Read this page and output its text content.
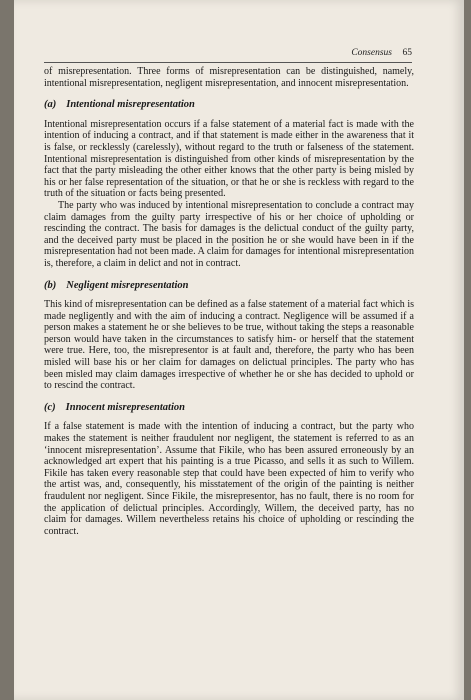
Consensus 65

of misrepresentation. Three forms of misrepresentation can be distinguished, namely, intentional misrepresentation, negligent misrepresentation, and innocent misrepresentation.

(a) Intentional misrepresentation

Intentional misrepresentation occurs if a false statement of a material fact is made with the intention of inducing a contract, and if that statement is made either in the awareness that it is false, or recklessly (carelessly), without regard to the truth or falseness of the statement. Intentional misrepresentation is distinguished from other kinds of misrepresentation by the fact that the party misleading the other either knows that the other party is being misled by his or her false representation of the situation, or that he or she is reckless with regard to the truth of the situation or facts being presented.

The party who was induced by intentional misrepresentation to conclude a contract may claim damages from the guilty party irrespective of his or her choice of upholding or rescinding the contract. The basis for damages is the delictual conduct of the guilty party, and the deceived party must be placed in the position he or she would have been in if the misrepresentation had not been made. A claim for damages for intentional misrepresentation is, therefore, a claim in delict and not in contract.

(b) Negligent misrepresentation

This kind of misrepresentation can be defined as a false statement of a material fact which is made negligently and with the aim of inducing a contract. Negligence will be assumed if a person makes a statement he or she believes to be true, without taking the steps a reasonable person would have taken in the circumstances to satisfy him- or herself that the statement were true. Here, too, the misrepresentor is at fault and, therefore, the party who has been misled will base his or her claim for damages on delictual principles. The party who has been misled may claim damages irrespective of whether he or she has decided to uphold or to rescind the contract.

(c) Innocent misrepresentation

If a false statement is made with the intention of inducing a contract, but the party who makes the statement is neither fraudulent nor negligent, the statement is referred to as an ‘innocent misrepresentation’. Assume that Fikile, who has been assured erroneously by an acknowledged art expert that his painting is a true Picasso, and sells it as such to Willem. Fikile has taken every reasonable step that could have been expected of him to verify who the artist was, and, consequently, his misstatement of the origin of the painting is neither fraudulent nor negligent. Since Fikile, the misrepresentor, has no fault, there is no room for the application of delictual principles. Accordingly, Willem, the deceived party, has no claim for damages. Willem nevertheless retains his choice of upholding or rescinding the contract.
